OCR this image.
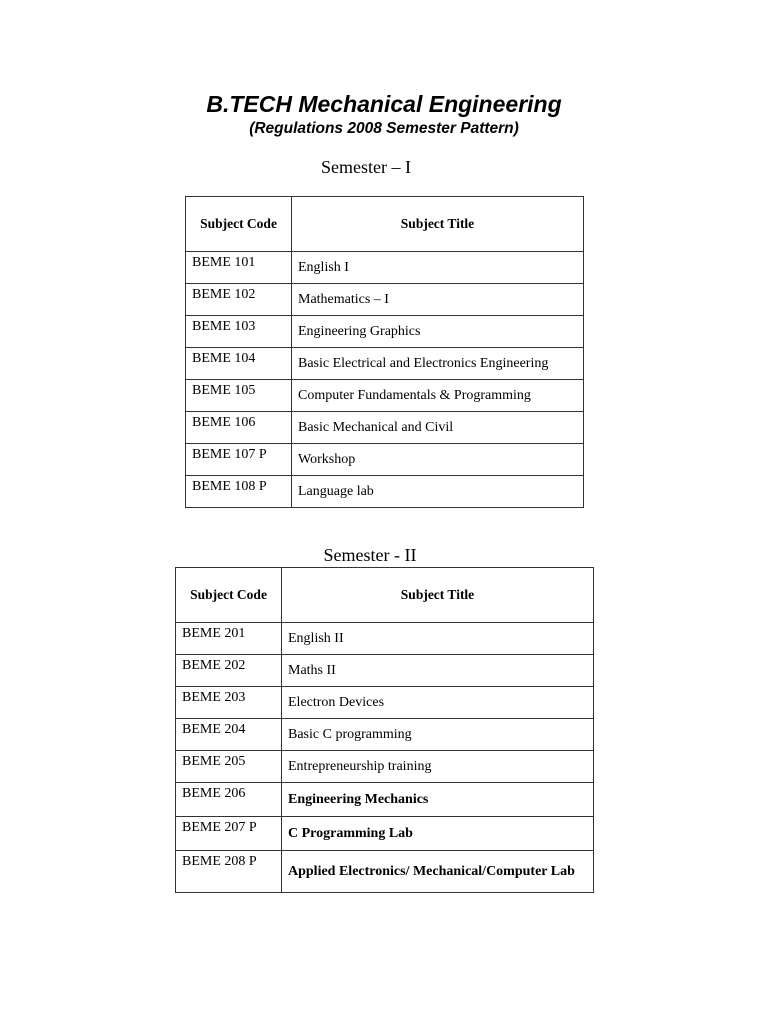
B.TECH Mechanical Engineering
(Regulations 2008 Semester Pattern)
Semester – I
Subject Code	Subject Title
BEME 101	English I
BEME 102	Mathematics – I
BEME 103	Engineering Graphics
BEME 104	Basic Electrical and Electronics Engineering
BEME 105	Computer Fundamentals & Programming
BEME 106	Basic Mechanical and Civil
BEME 107 P	Workshop
BEME 108 P	Language lab
Semester - II
Subject Code	Subject Title
BEME 201	English II
BEME 202	Maths II
BEME 203	Electron Devices
BEME 204	Basic C programming
BEME 205	Entrepreneurship training
BEME 206	Engineering Mechanics
BEME 207 P	C Programming Lab
BEME 208 P	Applied Electronics/ Mechanical/Computer Lab
